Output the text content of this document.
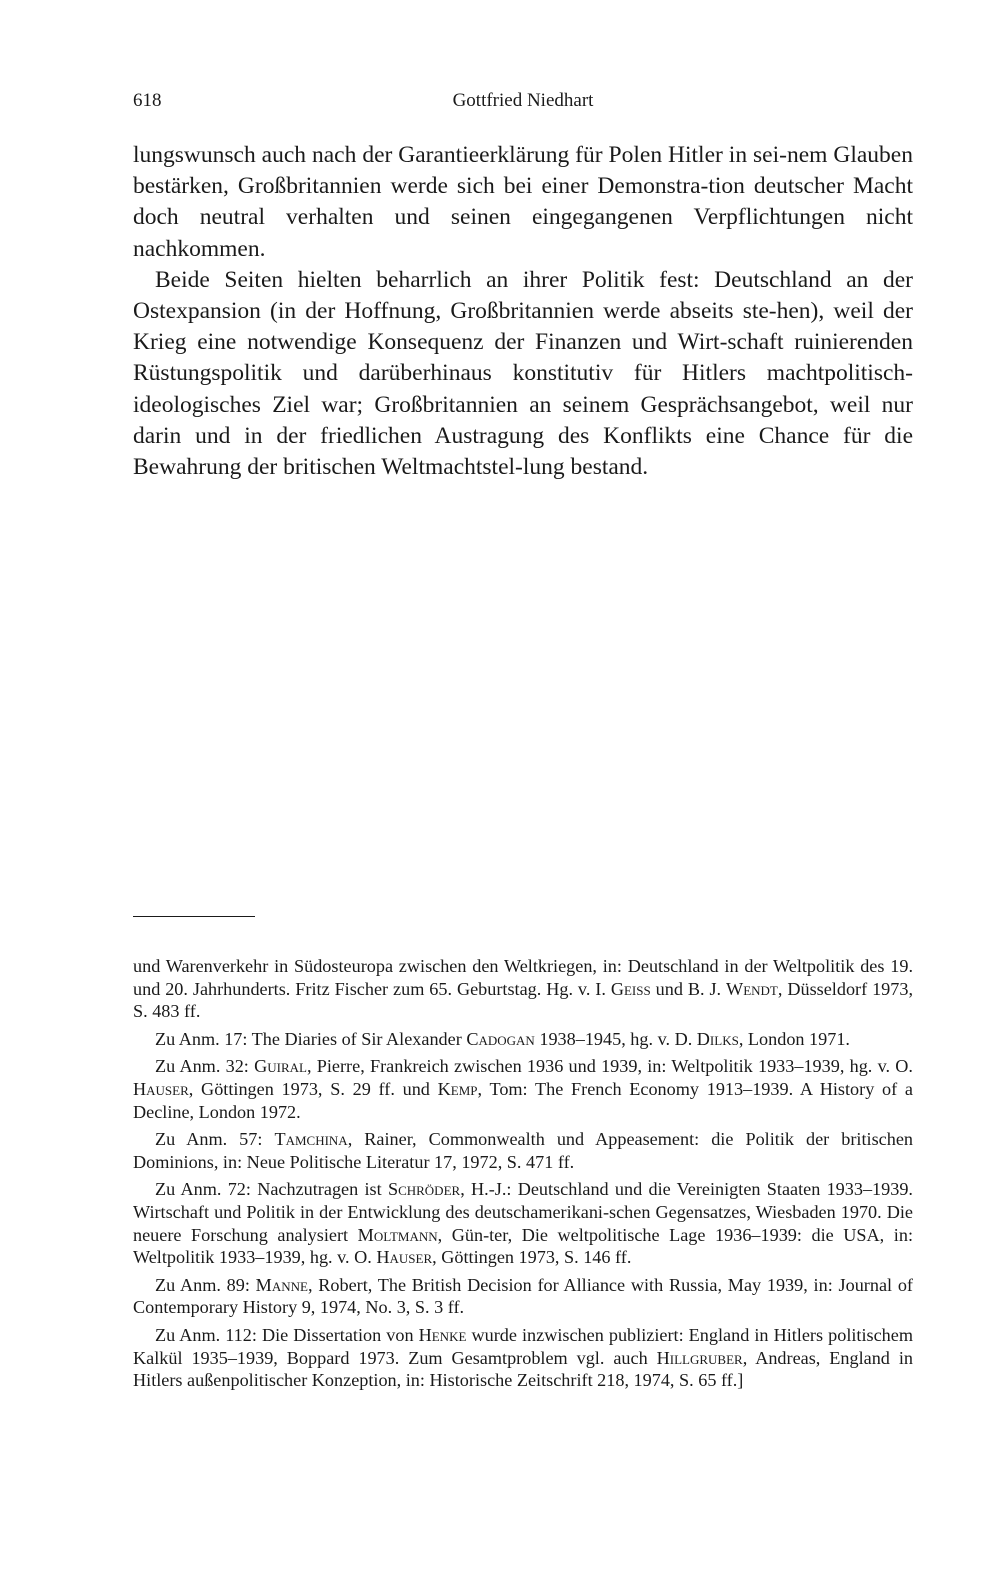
618	Gottfried Niedhart

lungswunsch auch nach der Garantieerklärung für Polen Hitler in sei-nem Glauben bestärken, Großbritannien werde sich bei einer Demonstra-tion deutscher Macht doch neutral verhalten und seinen eingegangenen Verpflichtungen nicht nachkommen.

Beide Seiten hielten beharrlich an ihrer Politik fest: Deutschland an der Ostexpansion (in der Hoffnung, Großbritannien werde abseits ste-hen), weil der Krieg eine notwendige Konsequenz der Finanzen und Wirt-schaft ruinierenden Rüstungspolitik und darüberhinaus konstitutiv für Hitlers machtpolitisch-ideologisches Ziel war; Großbritannien an seinem Gesprächsangebot, weil nur darin und in der friedlichen Austragung des Konflikts eine Chance für die Bewahrung der britischen Weltmachtstel-lung bestand.

und Warenverkehr in Südosteuropa zwischen den Weltkriegen, in: Deutschland in der Weltpolitik des 19. und 20. Jahrhunderts. Fritz Fischer zum 65. Geburtstag. Hg. v. I. Geiss und B. J. Wendt, Düsseldorf 1973, S. 483 ff.

Zu Anm. 17: The Diaries of Sir Alexander Cadogan 1938–1945, hg. v. D. Dilks, London 1971.

Zu Anm. 32: Guiral, Pierre, Frankreich zwischen 1936 und 1939, in: Weltpolitik 1933–1939, hg. v. O. Hauser, Göttingen 1973, S. 29 ff. und Kemp, Tom: The French Economy 1913–1939. A History of a Decline, London 1972.

Zu Anm. 57: Tamchina, Rainer, Commonwealth und Appeasement: die Politik der britischen Dominions, in: Neue Politische Literatur 17, 1972, S. 471 ff.

Zu Anm. 72: Nachzutragen ist Schröder, H.-J.: Deutschland und die Vereinigten Staaten 1933–1939. Wirtschaft und Politik in der Entwicklung des deutschamerikani-schen Gegensatzes, Wiesbaden 1970. Die neuere Forschung analysiert Moltmann, Gün-ter, Die weltpolitische Lage 1936–1939: die USA, in: Weltpolitik 1933–1939, hg. v. O. Hauser, Göttingen 1973, S. 146 ff.

Zu Anm. 89: Manne, Robert, The British Decision for Alliance with Russia, May 1939, in: Journal of Contemporary History 9, 1974, No. 3, S. 3 ff.

Zu Anm. 112: Die Dissertation von Henke wurde inzwischen publiziert: England in Hitlers politischem Kalkül 1935–1939, Boppard 1973. Zum Gesamtproblem vgl. auch Hillgruber, Andreas, England in Hitlers außenpolitischer Konzeption, in: Historische Zeitschrift 218, 1974, S. 65 ff.]
